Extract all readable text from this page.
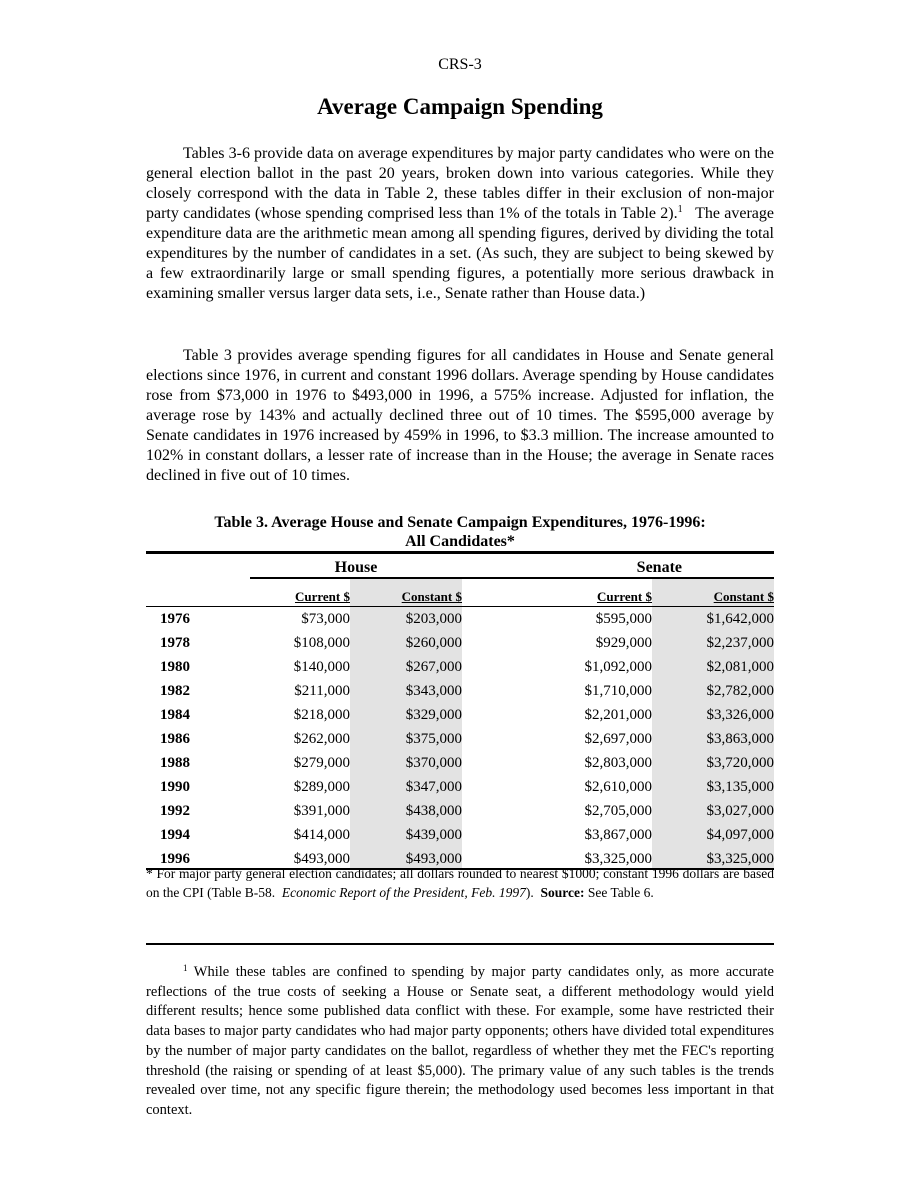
CRS-3
Average Campaign Spending

Tables 3-6 provide data on average expenditures by major party candidates who were on the general election ballot in the past 20 years, broken down into various categories. While they closely correspond with the data in Table 2, these tables differ in their exclusion of non-major party candidates (whose spending comprised less than 1% of the totals in Table 2).$^1$ The average expenditure data are the arithmetic mean among all spending figures, derived by dividing the total expenditures by the number of candidates in a set. (As such, they are subject to being skewed by a few extraordinarily large or small spending figures, a potentially more serious drawback in examining smaller versus larger data sets, i.e., Senate rather than House data.)

Table 3 provides average spending figures for all candidates in House and Senate general elections since 1976, in current and constant 1996 dollars. Average spending by House candidates rose from $73,000 in 1976 to $493,000 in 1996, a 575% increase. Adjusted for inflation, the average rose by 143% and actually declined three out of 10 times. The $595,000 average by Senate candidates in 1976 increased by 459% in 1996, to $3.3 million. The increase amounted to 102% in constant dollars, a lesser rate of increase than in the House; the average in Senate races declined in five out of 10 times.

Table 3. Average House and Senate Campaign Expenditures, 1976-1996:
All Candidates*
	House		Senate	
	Current $	Constant $	Current $	Constant $
1976	$73,000	$203,000	$595,000	$1,642,000
1978	$108,000	$260,000	$929,000	$2,237,000
1980	$140,000	$267,000	$1,092,000	$2,081,000
1982	$211,000	$343,000	$1,710,000	$2,782,000
1984	$218,000	$329,000	$2,201,000	$3,326,000
1986	$262,000	$375,000	$2,697,000	$3,863,000
1988	$279,000	$370,000	$2,803,000	$3,720,000
1990	$289,000	$347,000	$2,610,000	$3,135,000
1992	$391,000	$438,000	$2,705,000	$3,027,000
1994	$414,000	$439,000	$3,867,000	$4,097,000
1996	$493,000	$493,000	$3,325,000	$3,325,000
* For major party general election candidates; all dollars rounded to nearest $1000; constant 1996 dollars are based on the CPI (Table B-58. Economic Report of the President, Feb. 1997). Source: See Table 6.

$^1$ While these tables are confined to spending by major party candidates only, as more accurate reflections of the true costs of seeking a House or Senate seat, a different methodology would yield different results; hence some published data conflict with these. For example, some have restricted their data bases to major party candidates who had major party opponents; others have divided total expenditures by the number of major party candidates on the ballot, regardless of whether they met the FEC's reporting threshold (the raising or spending of at least $5,000). The primary value of any such tables is the trends revealed over time, not any specific figure therein; the methodology used becomes less important in that context.
